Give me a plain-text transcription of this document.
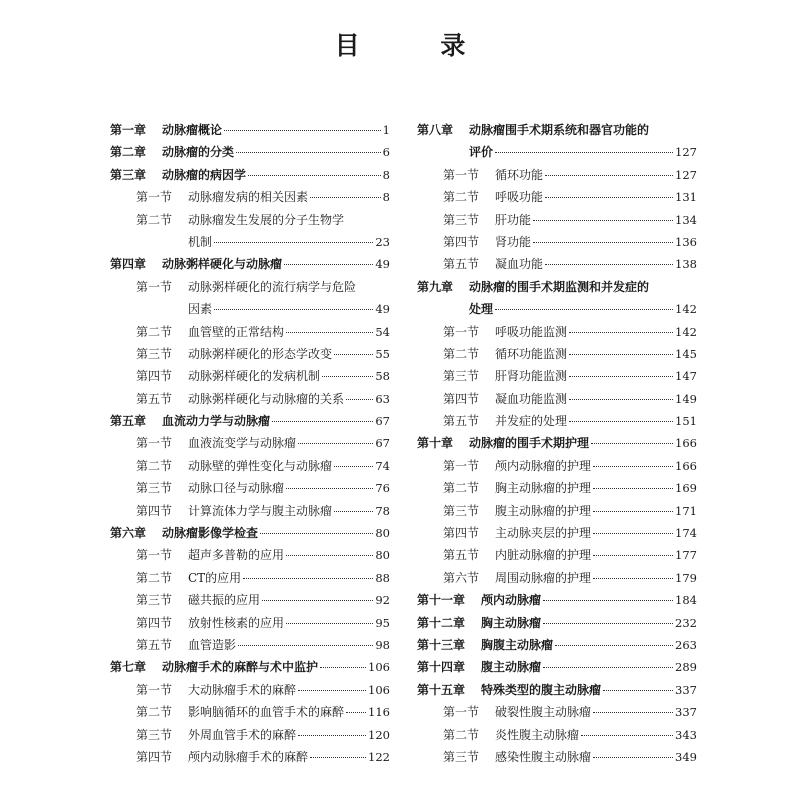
目 录
第一章	动脉瘤概论	1
第二章	动脉瘤的分类	6
第三章	动脉瘤的病因学	8
第一节	动脉瘤发病的相关因素	8
第二节	动脉瘤发生发展的分子生物学
机制	23
第四章	动脉粥样硬化与动脉瘤	49
第一节	动脉粥样硬化的流行病学与危险
因素	49
第二节	血管壁的正常结构	54
第三节	动脉粥样硬化的形态学改变	55
第四节	动脉粥样硬化的发病机制	58
第五节	动脉粥样硬化与动脉瘤的关系	63
第五章	血流动力学与动脉瘤	67
第一节	血液流变学与动脉瘤	67
第二节	动脉壁的弹性变化与动脉瘤	74
第三节	动脉口径与动脉瘤	76
第四节	计算流体力学与腹主动脉瘤	78
第六章	动脉瘤影像学检查	80
第一节	超声多普勒的应用	80
第二节	CT的应用	88
第三节	磁共振的应用	92
第四节	放射性核素的应用	95
第五节	血管造影	98
第七章	动脉瘤手术的麻醉与术中监护	106
第一节	大动脉瘤手术的麻醉	106
第二节	影响脑循环的血管手术的麻醉 116
第三节	外周血管手术的麻醉	120
第四节	颅内动脉瘤手术的麻醉	122
第八章	动脉瘤围手术期系统和器官功能的
评价	127
第一节	循环功能	127
第二节	呼吸功能	131
第三节	肝功能	134
第四节	肾功能	136
第五节	凝血功能	138
第九章	动脉瘤的围手术期监测和并发症的
处理	142
第一节	呼吸功能监测	142
第二节	循环功能监测	145
第三节	肝肾功能监测	147
第四节	凝血功能监测	149
第五节	并发症的处理	151
第十章	动脉瘤的围手术期护理	166
第一节	颅内动脉瘤的护理	166
第二节	胸主动脉瘤的护理	169
第三节	腹主动脉瘤的护理	171
第四节	主动脉夹层的护理	174
第五节	内脏动脉瘤的护理	177
第六节	周围动脉瘤的护理	179
第十一章	颅内动脉瘤	184
第十二章	胸主动脉瘤	232
第十三章	胸腹主动脉瘤	263
第十四章	腹主动脉瘤	289
第十五章	特殊类型的腹主动脉瘤	337
第一节	破裂性腹主动脉瘤	337
第二节	炎性腹主动脉瘤	343
第三节	感染性腹主动脉瘤	349
